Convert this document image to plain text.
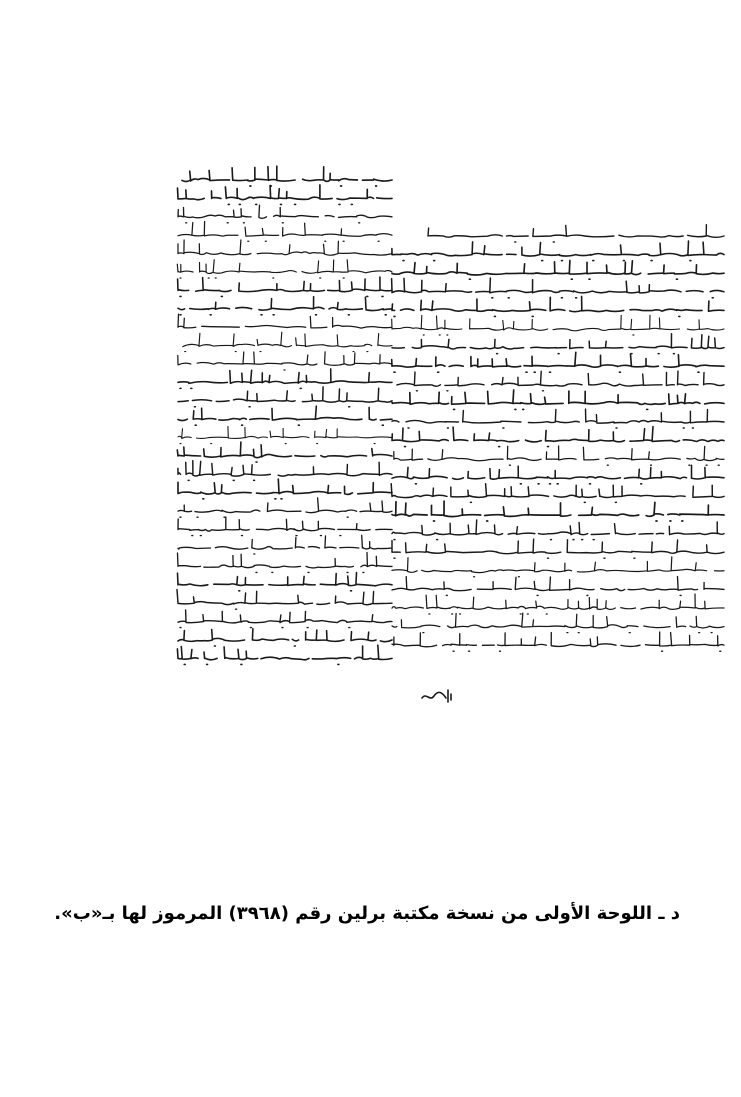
د ـ اللوحة الأولى من نسخة مكتبة برلين رقم (٣٩٦٨) المرموز لها بـ«ب».
